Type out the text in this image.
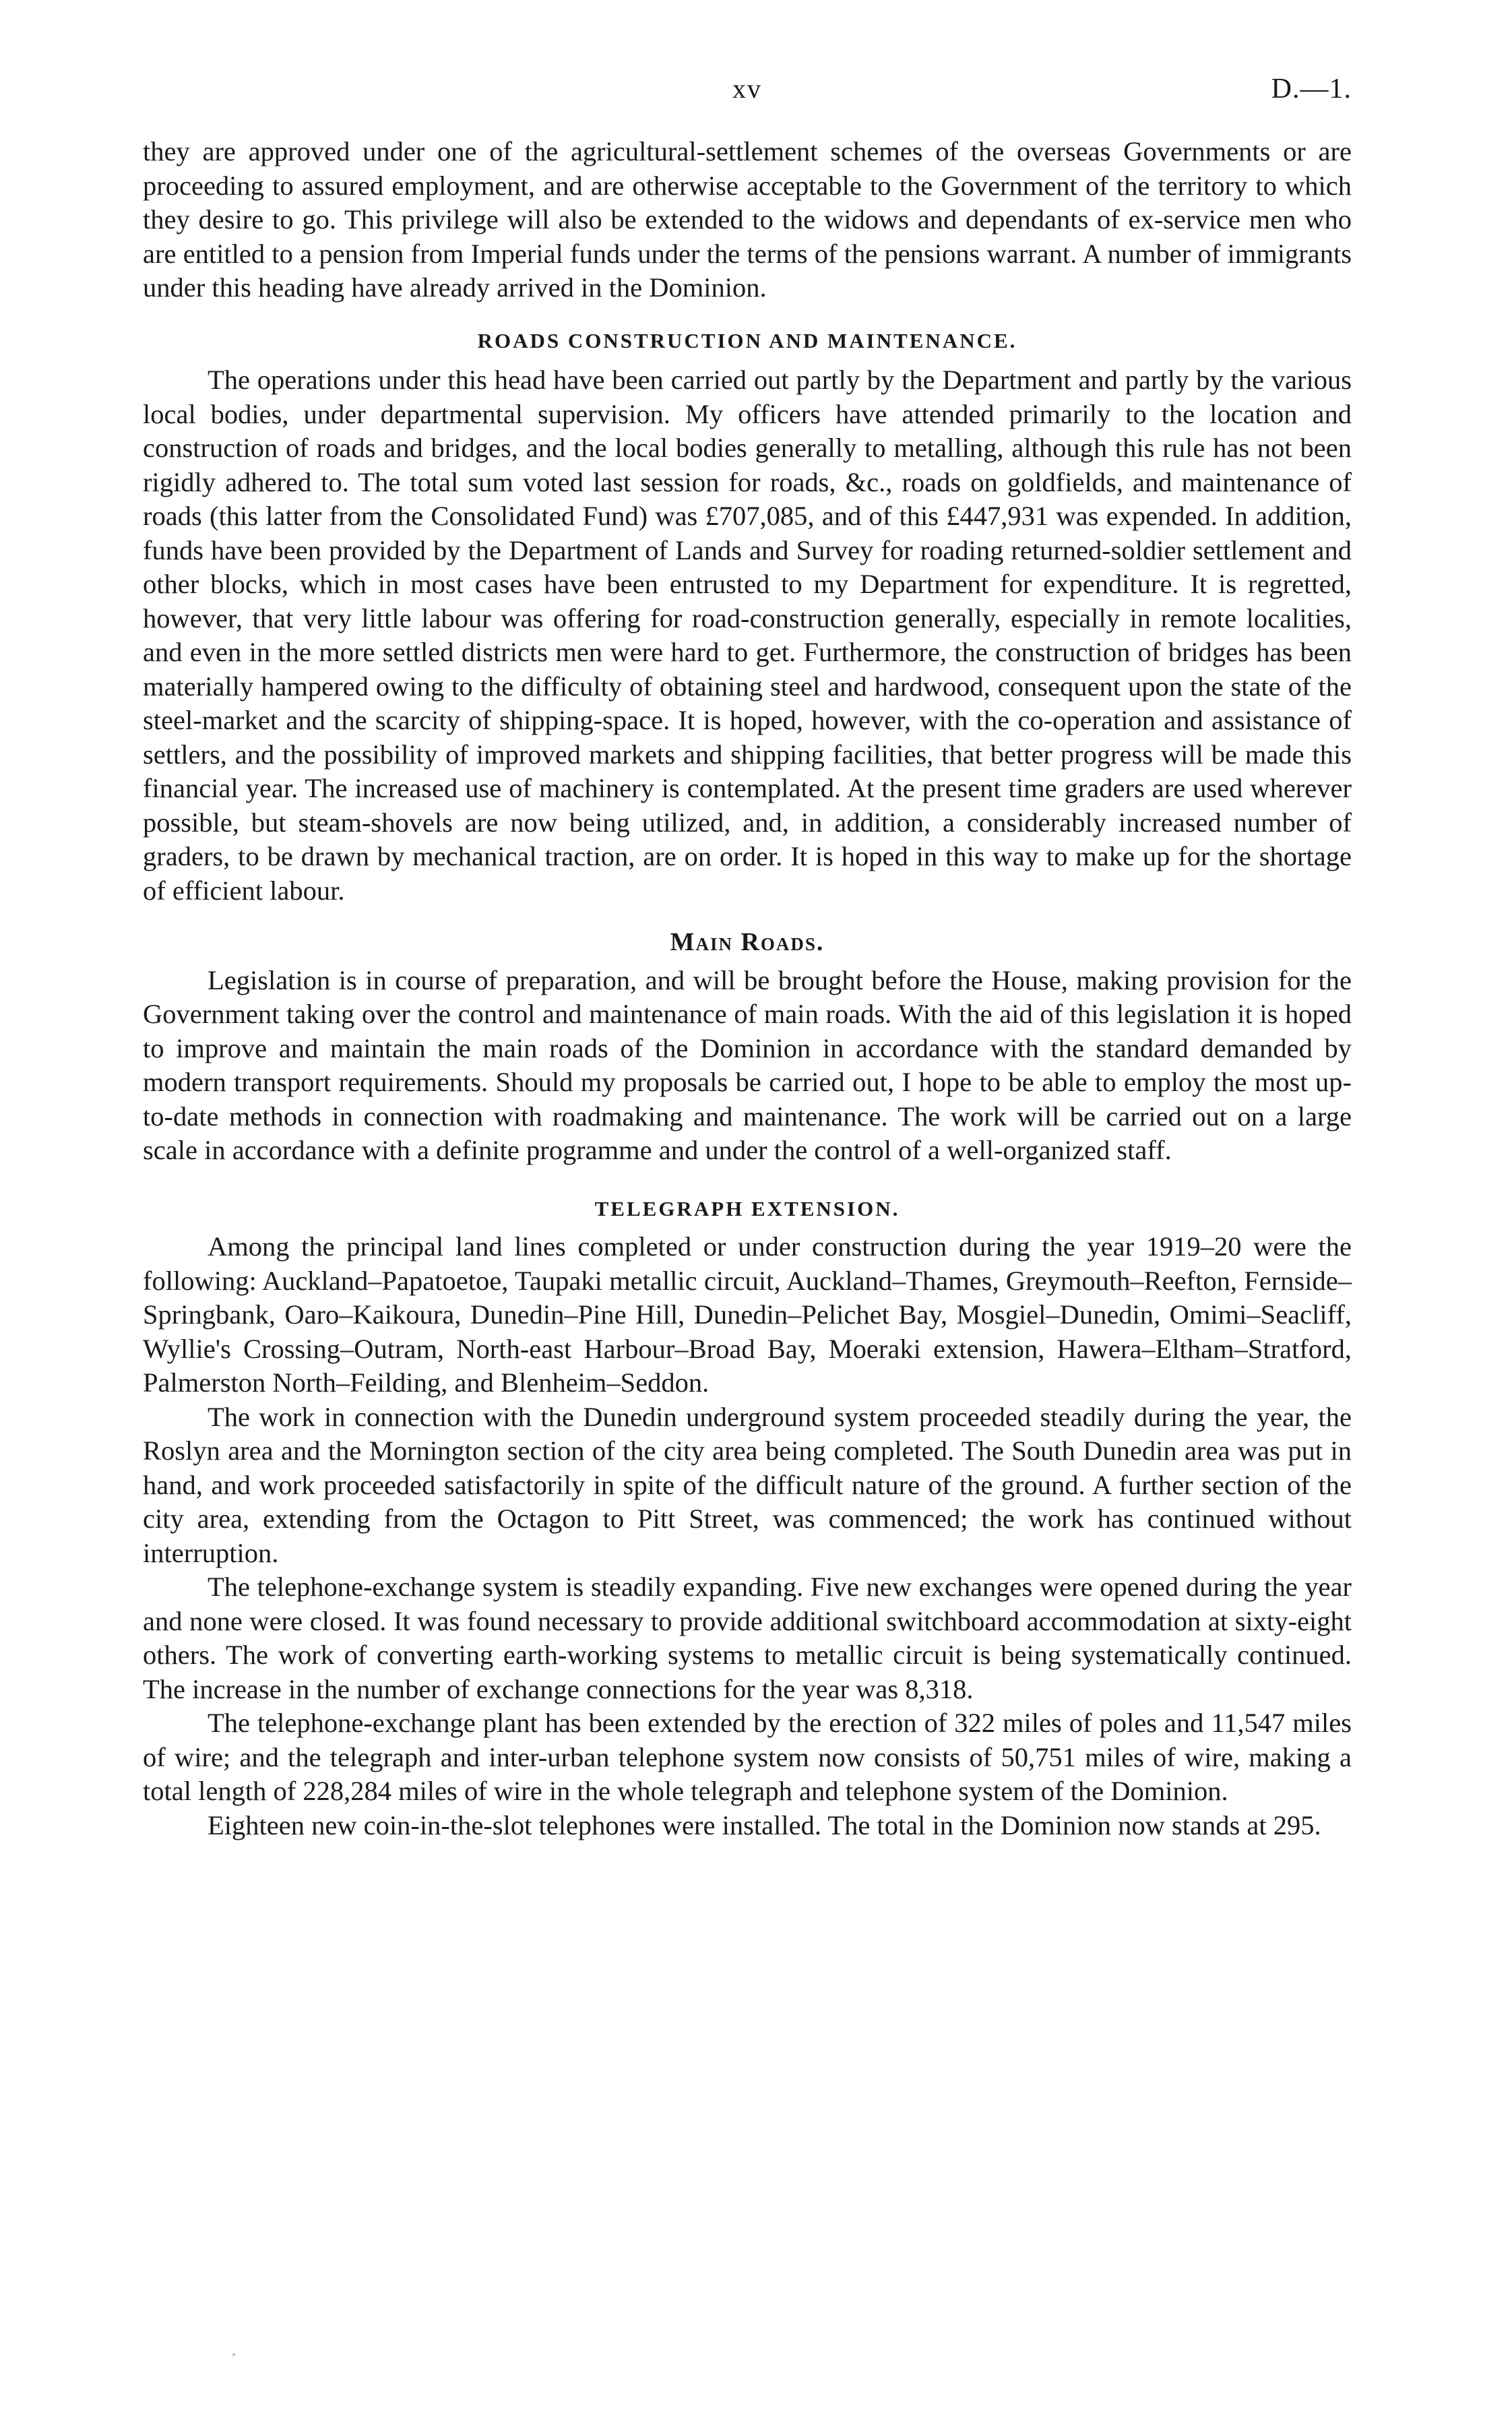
xv	D.—1.

they are approved under one of the agricultural-settlement schemes of the overseas Governments or are proceeding to assured employment, and are otherwise acceptable to the Government of the territory to which they desire to go. This privilege will also be extended to the widows and dependants of ex-service men who are entitled to a pension from Imperial funds under the terms of the pensions warrant. A number of immigrants under this heading have already arrived in the Dominion.

ROADS CONSTRUCTION AND MAINTENANCE.

The operations under this head have been carried out partly by the Department and partly by the various local bodies, under departmental supervision. My officers have attended primarily to the location and construction of roads and bridges, and the local bodies generally to metalling, although this rule has not been rigidly adhered to. The total sum voted last session for roads, &c., roads on goldfields, and maintenance of roads (this latter from the Consolidated Fund) was £707,085, and of this £447,931 was expended. In addition, funds have been provided by the Department of Lands and Survey for roading returned-soldier settlement and other blocks, which in most cases have been entrusted to my Department for expenditure. It is regretted, however, that very little labour was offering for road-construction generally, especially in remote localities, and even in the more settled districts men were hard to get. Furthermore, the construction of bridges has been materially hampered owing to the difficulty of obtaining steel and hardwood, consequent upon the state of the steel-market and the scarcity of shipping-space. It is hoped, however, with the co-operation and assistance of settlers, and the possibility of improved markets and shipping facilities, that better progress will be made this financial year. The increased use of machinery is contemplated. At the present time graders are used wherever possible, but steam-shovels are now being utilized, and, in addition, a considerably increased number of graders, to be drawn by mechanical traction, are on order. It is hoped in this way to make up for the shortage of efficient labour.

Main Roads.

Legislation is in course of preparation, and will be brought before the House, making provision for the Government taking over the control and maintenance of main roads. With the aid of this legislation it is hoped to improve and maintain the main roads of the Dominion in accordance with the standard demanded by modern transport requirements. Should my proposals be carried out, I hope to be able to employ the most up-to-date methods in connection with roadmaking and maintenance. The work will be carried out on a large scale in accordance with a definite programme and under the control of a well-organized staff.

TELEGRAPH EXTENSION.

Among the principal land lines completed or under construction during the year 1919–20 were the following: Auckland–Papatoetoe, Taupaki metallic circuit, Auckland–Thames, Greymouth–Reefton, Fernside–Springbank, Oaro–Kaikoura, Dunedin–Pine Hill, Dunedin–Pelichet Bay, Mosgiel–Dunedin, Omimi–Seacliff, Wyllie's Crossing–Outram, North-east Harbour–Broad Bay, Moeraki extension, Hawera–Eltham–Stratford, Palmerston North–Feilding, and Blenheim–Seddon.

The work in connection with the Dunedin underground system proceeded steadily during the year, the Roslyn area and the Mornington section of the city area being completed. The South Dunedin area was put in hand, and work proceeded satisfactorily in spite of the difficult nature of the ground. A further section of the city area, extending from the Octagon to Pitt Street, was commenced; the work has continued without interruption.

The telephone-exchange system is steadily expanding. Five new exchanges were opened during the year and none were closed. It was found necessary to provide additional switchboard accommodation at sixty-eight others. The work of converting earth-working systems to metallic circuit is being systematically continued. The increase in the number of exchange connections for the year was 8,318.

The telephone-exchange plant has been extended by the erection of 322 miles of poles and 11,547 miles of wire; and the telegraph and inter-urban telephone system now consists of 50,751 miles of wire, making a total length of 228,284 miles of wire in the whole telegraph and telephone system of the Dominion.

Eighteen new coin-in-the-slot telephones were installed. The total in the Dominion now stands at 295.
